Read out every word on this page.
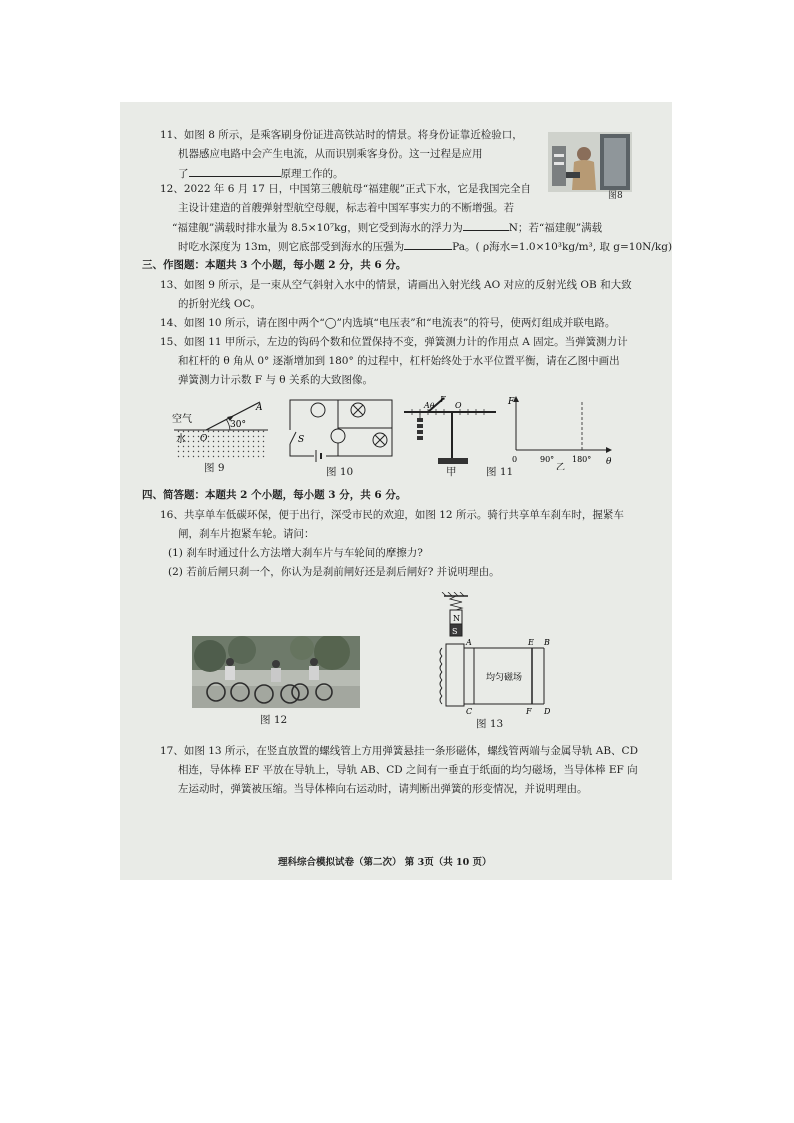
11、如图 8 所示，是乘客刷身份证进高铁站时的情景。将身份证靠近检验口，
机器感应电路中会产生电流，从而识别乘客身份。这一过程是应用
了	原理工作的。
图8
12、2022 年 6 月 17 日，中国第三艘航母“福建舰”正式下水，它是我国完全自
主设计建造的首艘弹射型航空母舰，标志着中国军事实力的不断增强。若
“福建舰”满载时排水量为 8.5×10⁷kg，则它受到海水的浮力为	N；若“福建舰”满载
时吃水深度为 13m，则它底部受到海水的压强为	Pa。( ρ海水=1.0×10³kg/m³, 取 g=10N/kg)
三、作图题：本题共 3 个小题，每小题 2 分，共 6 分。
13、如图 9 所示，是一束从空气斜射入水中的情景，请画出入射光线 AO 对应的反射光线 OB 和大致
的折射光线 OC。
14、如图 10 所示，请在图中两个“◯”内选填“电压表”和“电流表”的符号，使两灯组成并联电路。
15、如图 11 甲所示，左边的钩码个数和位置保持不变，弹簧测力计的作用点 A 固定。当弹簧测力计
和杠杆的 θ 角从 0° 逐渐增加到 180° 的过程中，杠杆始终处于水平位置平衡，请在乙图中画出
弹簧测力计示数 F 与 θ 关系的大致图像。
空气
水
30°
A
O
图 9
S
图 10
A
F
θ	O
甲	图 11
F
0	90° 180° θ
乙
四、简答题：本题共 2 个小题，每小题 3 分，共 6 分。
16、共享单车低碳环保，便于出行，深受市民的欢迎，如图 12 所示。骑行共享单车刹车时，握紧车
闸，刹车片抱紧车轮。请问：
(1) 刹车时通过什么方法增大刹车片与车轮间的摩擦力?
(2) 若前后闸只刹一个，你认为是刹前闸好还是刹后闸好? 并说明理由。
图 12
N
S
A	E B
C	F D
均匀磁场
图 13
17、如图 13 所示，在竖直放置的螺线管上方用弹簧悬挂一条形磁体，螺线管两端与金属导轨 AB、CD
相连，导体棒 EF 平放在导轨上，导轨 AB、CD 之间有一垂直于纸面的均匀磁场，当导体棒 EF 向
左运动时，弹簧被压缩。当导体棒向右运动时，请判断出弹簧的形变情况，并说明理由。
理科综合模拟试卷（第二次） 第 3页（共 10 页）
